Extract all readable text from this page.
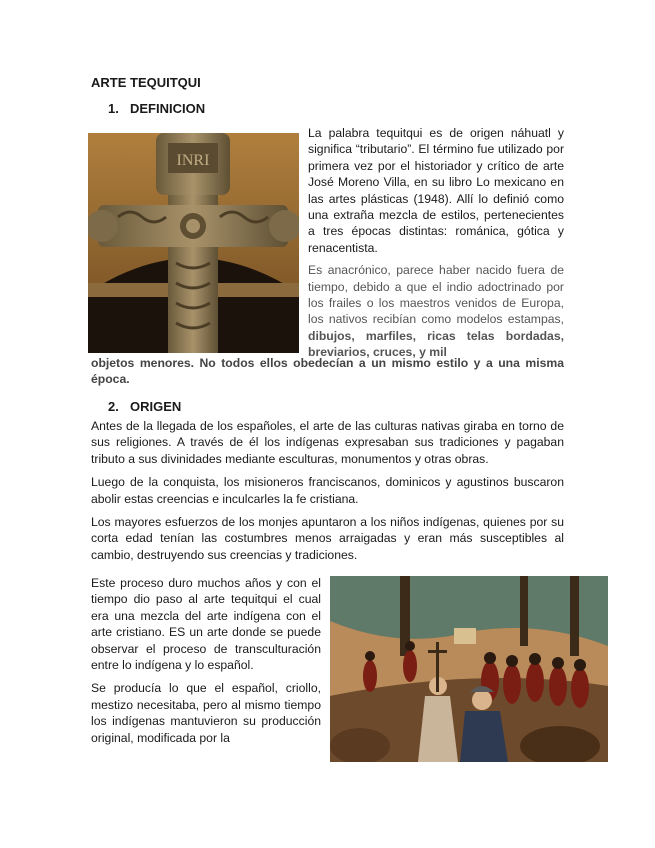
ARTE TEQUITQUI

1. DEFINICION

INRI

La palabra tequitqui es de origen náhuatl y significa “tributario”. El término fue utilizado por primera vez por el historiador y crítico de arte José Moreno Villa, en su libro Lo mexicano en las artes plásticas (1948). Allí lo definió como una extraña mezcla de estilos, pertenecientes a tres épocas distintas: románica, gótica y renacentista.

Es anacrónico, parece haber nacido fuera de tiempo, debido a que el indio adoctrinado por los frailes o los maestros venidos de Europa, los nativos recibían como modelos estampas, dibujos, marfiles, ricas telas bordadas, breviarios, cruces, y mil

objetos menores. No todos ellos obedecían a un mismo estilo y a una misma época.

2. ORIGEN

Antes de la llegada de los españoles, el arte de las culturas nativas giraba en torno de sus religiones. A través de él los indígenas expresaban sus tradiciones y pagaban tributo a sus divinidades mediante esculturas, monumentos y otras obras.

Luego de la conquista, los misioneros franciscanos, dominicos y agustinos buscaron abolir estas creencias e inculcarles la fe cristiana.

Los mayores esfuerzos de los monjes apuntaron a los niños indígenas, quienes por su corta edad tenían las costumbres menos arraigadas y eran más susceptibles al cambio, destruyendo sus creencias y tradiciones.

Este proceso duro muchos años y con el tiempo dio paso al arte tequitqui el cual era una mezcla del arte indígena con el arte cristiano. ES un arte donde se puede observar el proceso de transculturación entre lo indígena y lo español.

Se producía lo que el español, criollo, mestizo necesitaba, pero al mismo tiempo los indígenas mantuvieron su producción original, modificada por la
